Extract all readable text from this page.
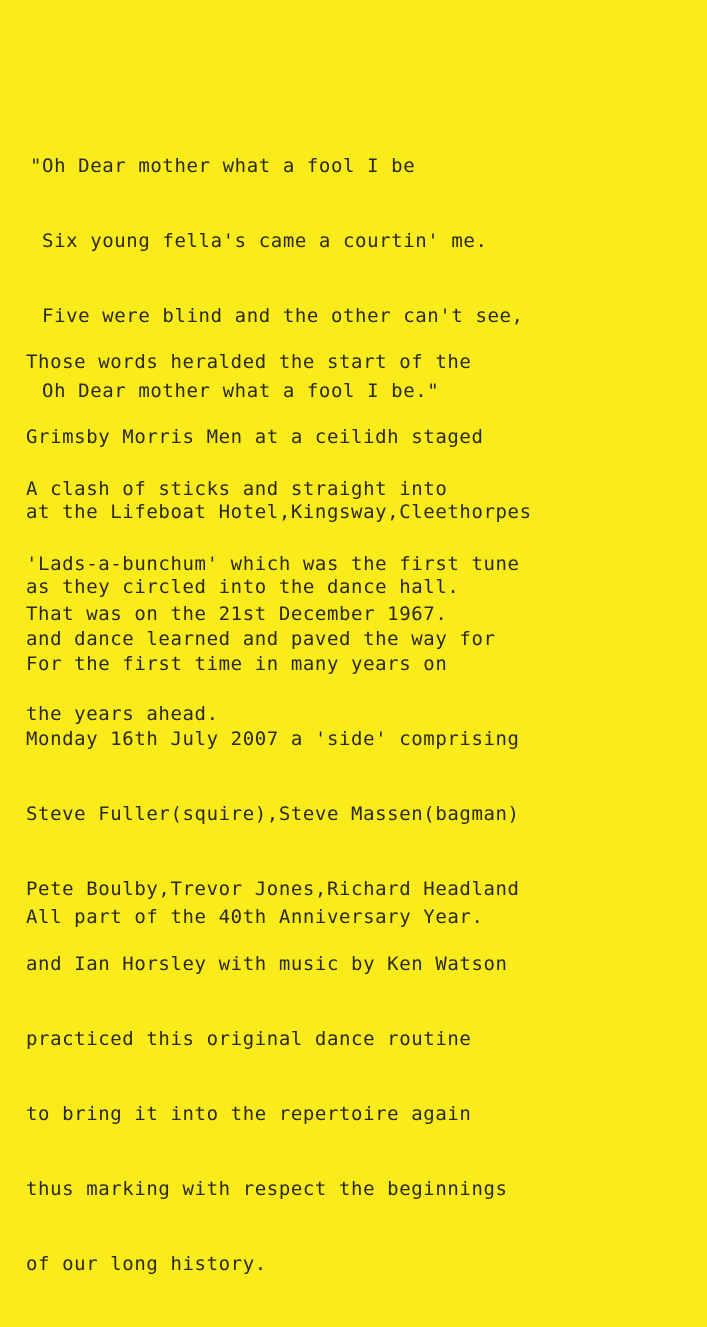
"Oh Dear mother what a fool I be

Six young fella's came a courtin' me.

Five were blind and the other can't see,

Oh Dear mother what a fool I be."

Those words heralded the start of the

Grimsby Morris Men at a ceilidh staged

at the Lifeboat Hotel,Kingsway,Cleethorpes

as they circled into the dance hall.

A clash of sticks and straight into

'Lads-a-bunchum' which was the first tune

and dance learned and paved the way for

the years ahead.

That was on the 21st December 1967.

For the first time in many years on

Monday 16th July 2007 a 'side' comprising

Steve Fuller(squire),Steve Massen(bagman)

Pete Boulby,Trevor Jones,Richard Headland

and Ian Horsley with music by Ken Watson

practiced this original dance routine

to bring it into the repertoire again

thus marking with respect the beginnings

of our long history.

All part of the 40th Anniversary Year.
